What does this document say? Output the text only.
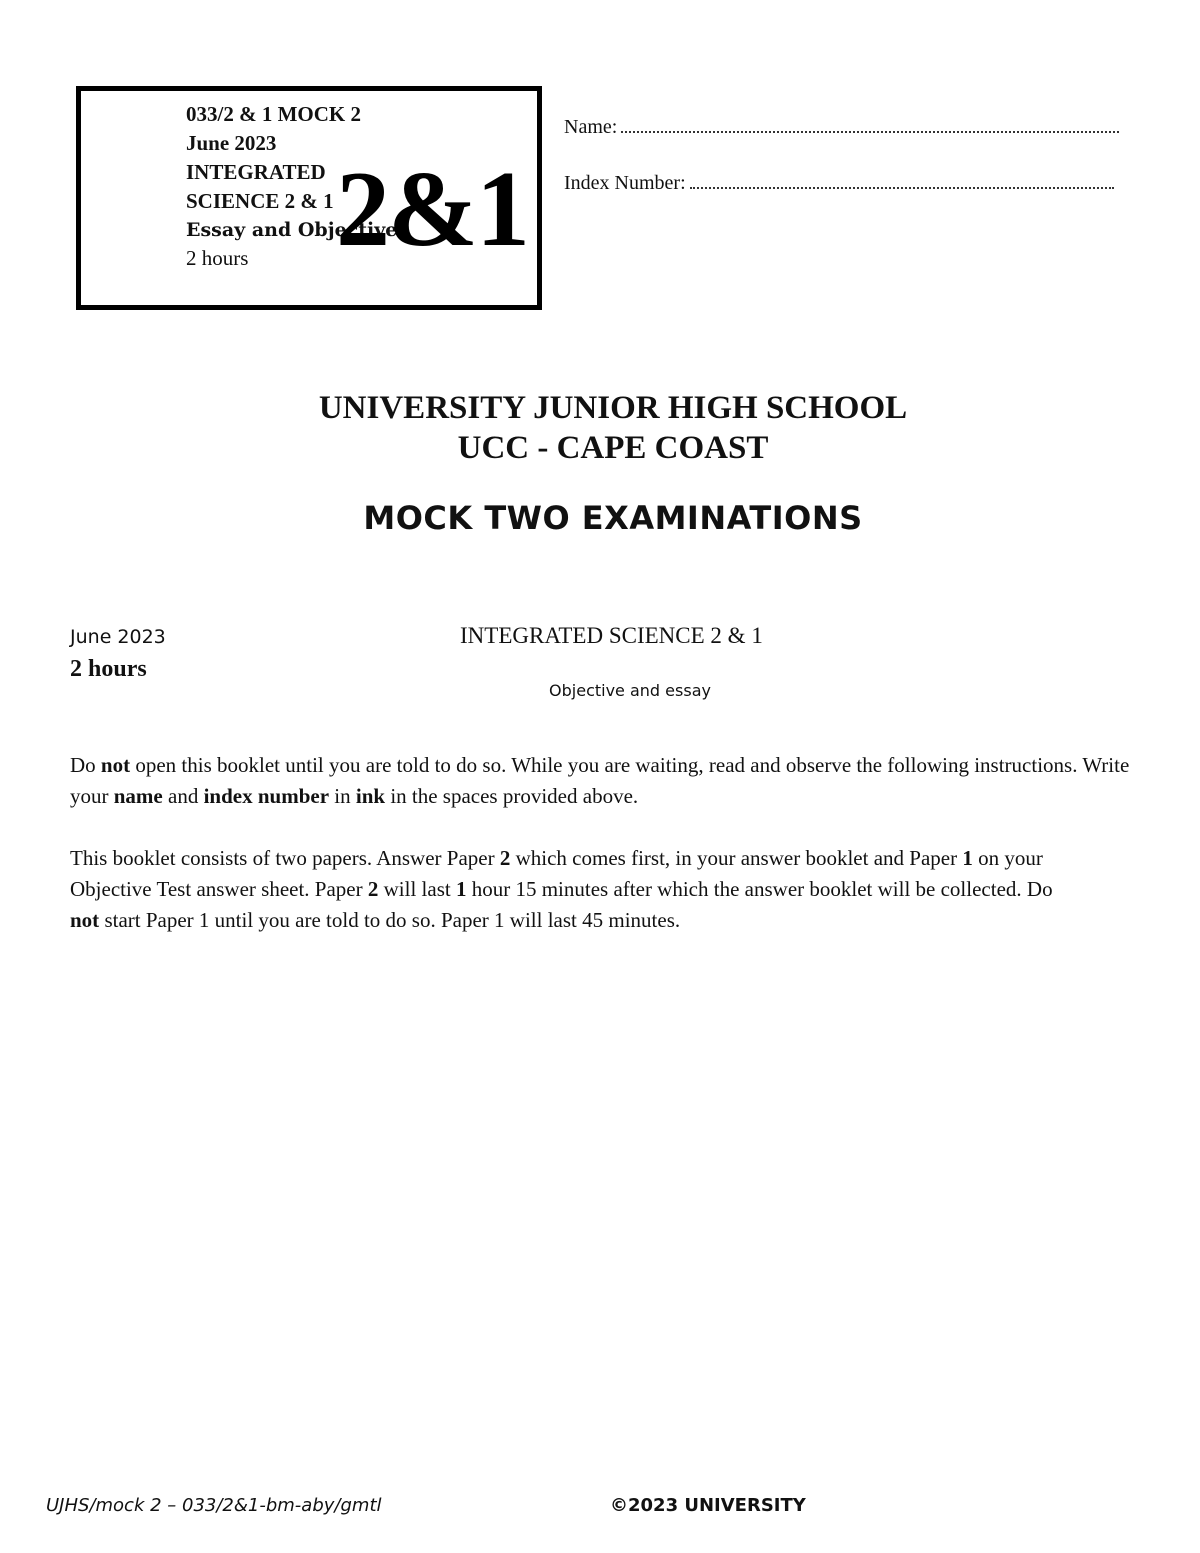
033/2 & 1 MOCK 2
June 2023
INTEGRATED
SCIENCE 2 & 1
Essay and Objective
2 hours 2&1
Name:
Index Number:
UNIVERSITY JUNIOR HIGH SCHOOL
UCC - CAPE COAST
MOCK TWO EXAMINATIONS
June 2023
2 hours
INTEGRATED SCIENCE 2 & 1
Objective and essay
Do not open this booklet until you are told to do so. While you are waiting, read and observe the following instructions. Write your name and index number in ink in the spaces provided above.
This booklet consists of two papers. Answer Paper 2 which comes first, in your answer booklet and Paper 1 on your Objective Test answer sheet. Paper 2 will last 1 hour 15 minutes after which the answer booklet will be collected. Do not start Paper 1 until you are told to do so. Paper 1 will last 45 minutes.
UJHS/mock 2 – 033/2&1-bm-aby/gmtl	©2023 UNIVERSITY
